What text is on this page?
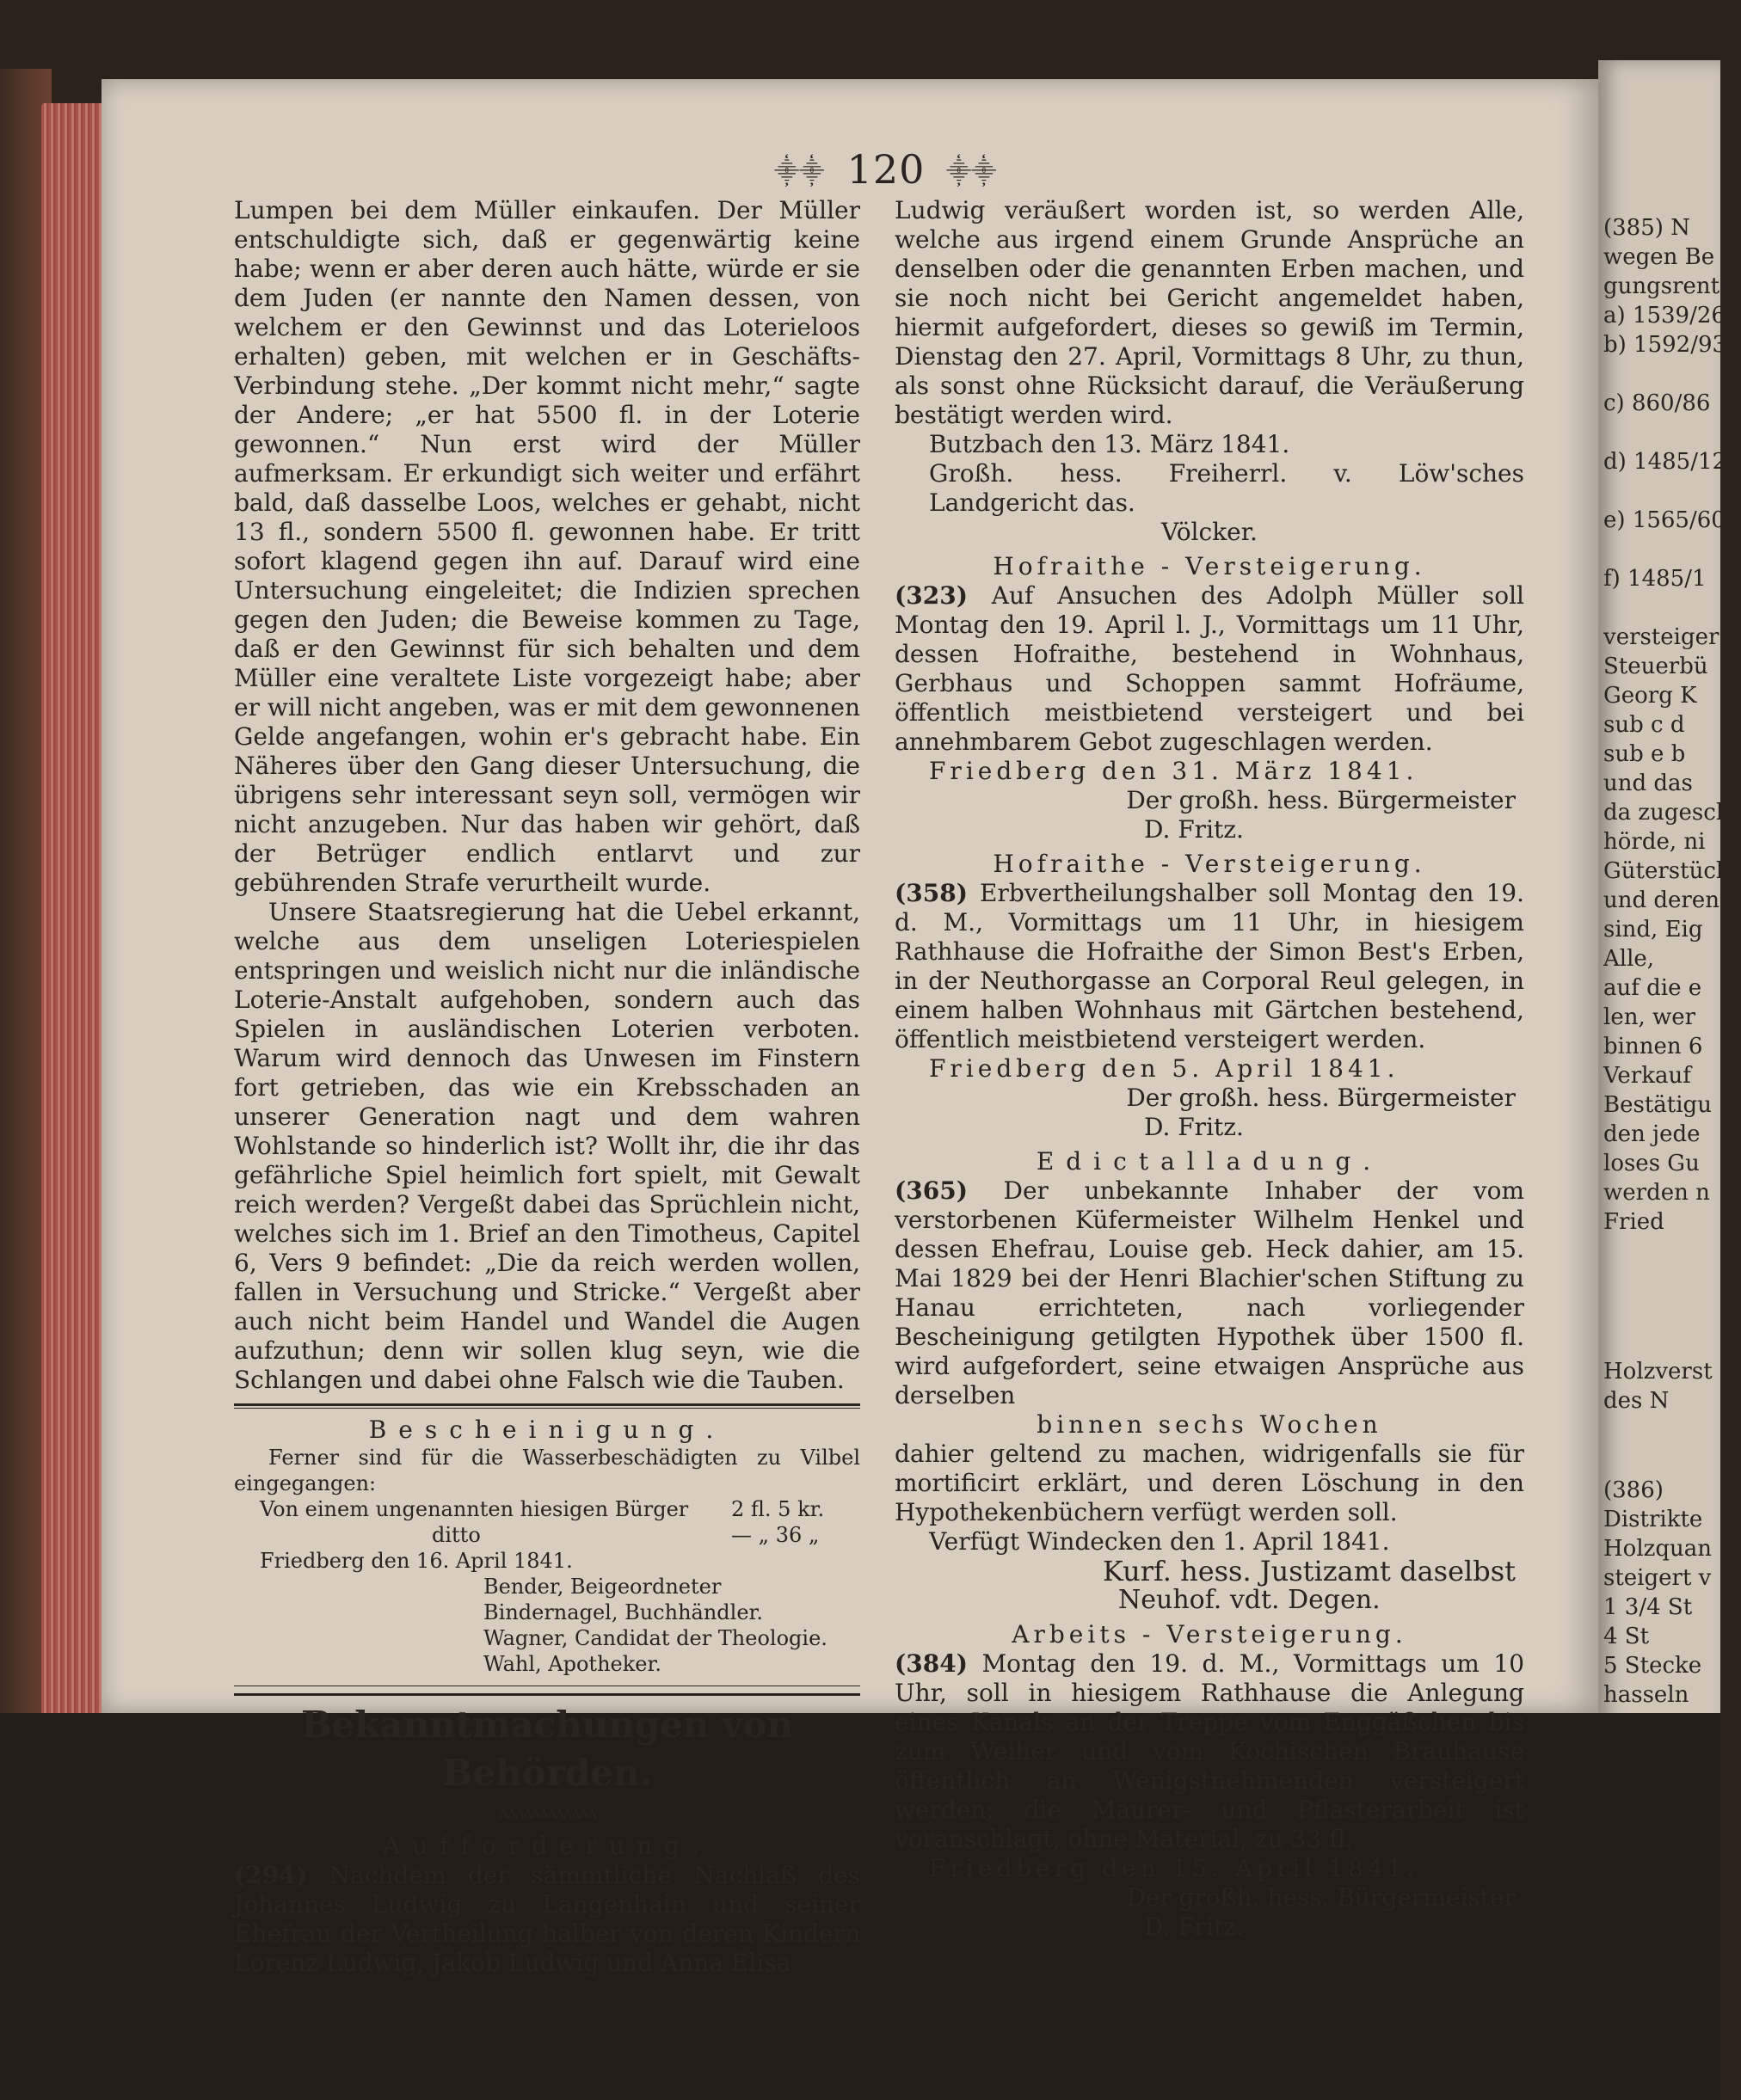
(385) N
wegen Be
gungsrente
a) 1539/26
b) 1592/93
c) 860/86
d) 1485/126
e) 1565/60
f) 1485/1
versteiger
Steuerbü
Georg K
sub c d
sub e b
und das
da zugesch
hörde, ni
Güterstück
und deren
sind, Eig
Alle,
auf die e
len, wer
binnen 6
Verkauf
Bestätigu
den jede
loses Gu
werden n
Fried
Holzverst
des N
(386)
Distrikte
Holzquan
steigert v
1 3/4 St
4 St
5 Stecke
hasseln
⸎⸎ 120 ⸎⸎

Lumpen bei dem Müller einkaufen. Der Müller entschuldigte sich, daß er gegenwärtig keine habe; wenn er aber deren auch hätte, würde er sie dem Juden (er nannte den Namen dessen, von welchem er den Gewinnst und das Loterieloos erhalten) geben, mit welchen er in Geschäfts-Verbindung stehe. „Der kommt nicht mehr,“ sagte der Andere; „er hat 5500 fl. in der Loterie gewonnen.“ Nun erst wird der Müller aufmerksam. Er erkundigt sich weiter und erfährt bald, daß dasselbe Loos, welches er gehabt, nicht 13 fl., sondern 5500 fl. gewonnen habe. Er tritt sofort klagend gegen ihn auf. Darauf wird eine Untersuchung eingeleitet; die Indizien sprechen gegen den Juden; die Beweise kommen zu Tage, daß er den Gewinnst für sich behalten und dem Müller eine veraltete Liste vorgezeigt habe; aber er will nicht angeben, was er mit dem gewonnenen Gelde angefangen, wohin er's gebracht habe. Ein Näheres über den Gang dieser Untersuchung, die übrigens sehr interessant seyn soll, vermögen wir nicht anzugeben. Nur das haben wir gehört, daß der Betrüger endlich entlarvt und zur gebührenden Strafe verurtheilt wurde.

Unsere Staatsregierung hat die Uebel erkannt, welche aus dem unseligen Loteriespielen entspringen und weislich nicht nur die inländische Loterie-Anstalt aufgehoben, sondern auch das Spielen in ausländischen Loterien verboten. Warum wird dennoch das Unwesen im Finstern fort getrieben, das wie ein Krebsschaden an unserer Generation nagt und dem wahren Wohlstande so hinderlich ist? Wollt ihr, die ihr das gefährliche Spiel heimlich fort spielt, mit Gewalt reich werden? Vergeßt dabei das Sprüchlein nicht, welches sich im 1. Brief an den Timotheus, Capitel 6, Vers 9 befindet: „Die da reich werden wollen, fallen in Versuchung und Stricke.“ Vergeßt aber auch nicht beim Handel und Wandel die Augen aufzuthun; denn wir sollen klug seyn, wie die Schlangen und dabei ohne Falsch wie die Tauben.

Bescheinigung.

Ferner sind für die Wasserbeschädigten zu Vilbel eingegangen:

Von einem ungenannten hiesigen Bürger	2 fl. 5 kr.
ditto	— „ 36 „
Friedberg den 16. April 1841.
Bender, Beigeordneter
Bindernagel, Buchhändler.
Wagner, Candidat der Theologie.
Wahl, Apotheker.
Bekanntmachungen von Behörden.
ʌʌʌʌʌʌʌʌʌʌʌʌ
Aufforderung.

(294) Nachdem der sämmtliche Nachlaß des Johannes Ludwig zu Langenhain und seiner Ehefrau der Vertheilung halber von deren Kindern Lorenz Ludwig, Jakob Ludwig und Anna Elisa

Ludwig veräußert worden ist, so werden Alle, welche aus irgend einem Grunde Ansprüche an denselben oder die genannten Erben machen, und sie noch nicht bei Gericht angemeldet haben, hiermit aufgefordert, dieses so gewiß im Termin, Dienstag den 27. April, Vormittags 8 Uhr, zu thun, als sonst ohne Rücksicht darauf, die Veräußerung bestätigt werden wird.

Butzbach den 13. März 1841.
Großh. hess. Freiherrl. v. Löw'sches Landgericht das.
Völcker.
Hofraithe - Versteigerung.

(323) Auf Ansuchen des Adolph Müller soll Montag den 19. April l. J., Vormittags um 11 Uhr, dessen Hofraithe, bestehend in Wohnhaus, Gerbhaus und Schoppen sammt Hofräume, öffentlich meistbietend versteigert und bei annehmbarem Gebot zugeschlagen werden.

Friedberg den 31. März 1841.
Der großh. hess. Bürgermeister
D. Fritz.
Hofraithe - Versteigerung.

(358) Erbvertheilungshalber soll Montag den 19. d. M., Vormittags um 11 Uhr, in hiesigem Rathhause die Hofraithe der Simon Best's Erben, in der Neuthorgasse an Corporal Reul gelegen, in einem halben Wohnhaus mit Gärtchen bestehend, öffentlich meistbietend versteigert werden.

Friedberg den 5. April 1841.
Der großh. hess. Bürgermeister
D. Fritz.
Edictalladung.

(365) Der unbekannte Inhaber der vom verstorbenen Küfermeister Wilhelm Henkel und dessen Ehefrau, Louise geb. Heck dahier, am 15. Mai 1829 bei der Henri Blachier'schen Stiftung zu Hanau errichteten, nach vorliegender Bescheinigung getilgten Hypothek über 1500 fl. wird aufgefordert, seine etwaigen Ansprüche aus derselben

binnen sechs Wochen

dahier geltend zu machen, widrigenfalls sie für mortificirt erklärt, und deren Löschung in den Hypothekenbüchern verfügt werden soll.

Verfügt Windecken den 1. April 1841.
Kurf. hess. Justizamt daselbst
Neuhof. vdt. Degen.
Arbeits - Versteigerung.

(384) Montag den 19. d. M., Vormittags um 10 Uhr, soll in hiesigem Rathhause die Anlegung eines Kanals an der Treppe vom Enggäßchen bis zum Weiher und vom Kochischen Brauhause öffentlich an Wenigstnehmenden versteigert werden; die Maurer- und Pflasterarbeit ist voranschlagt, ohne Material, zu 33 fl.

Friedberg den 15. April 1841.
Der großh. hess. Bürgermeister
D. Fritz.
